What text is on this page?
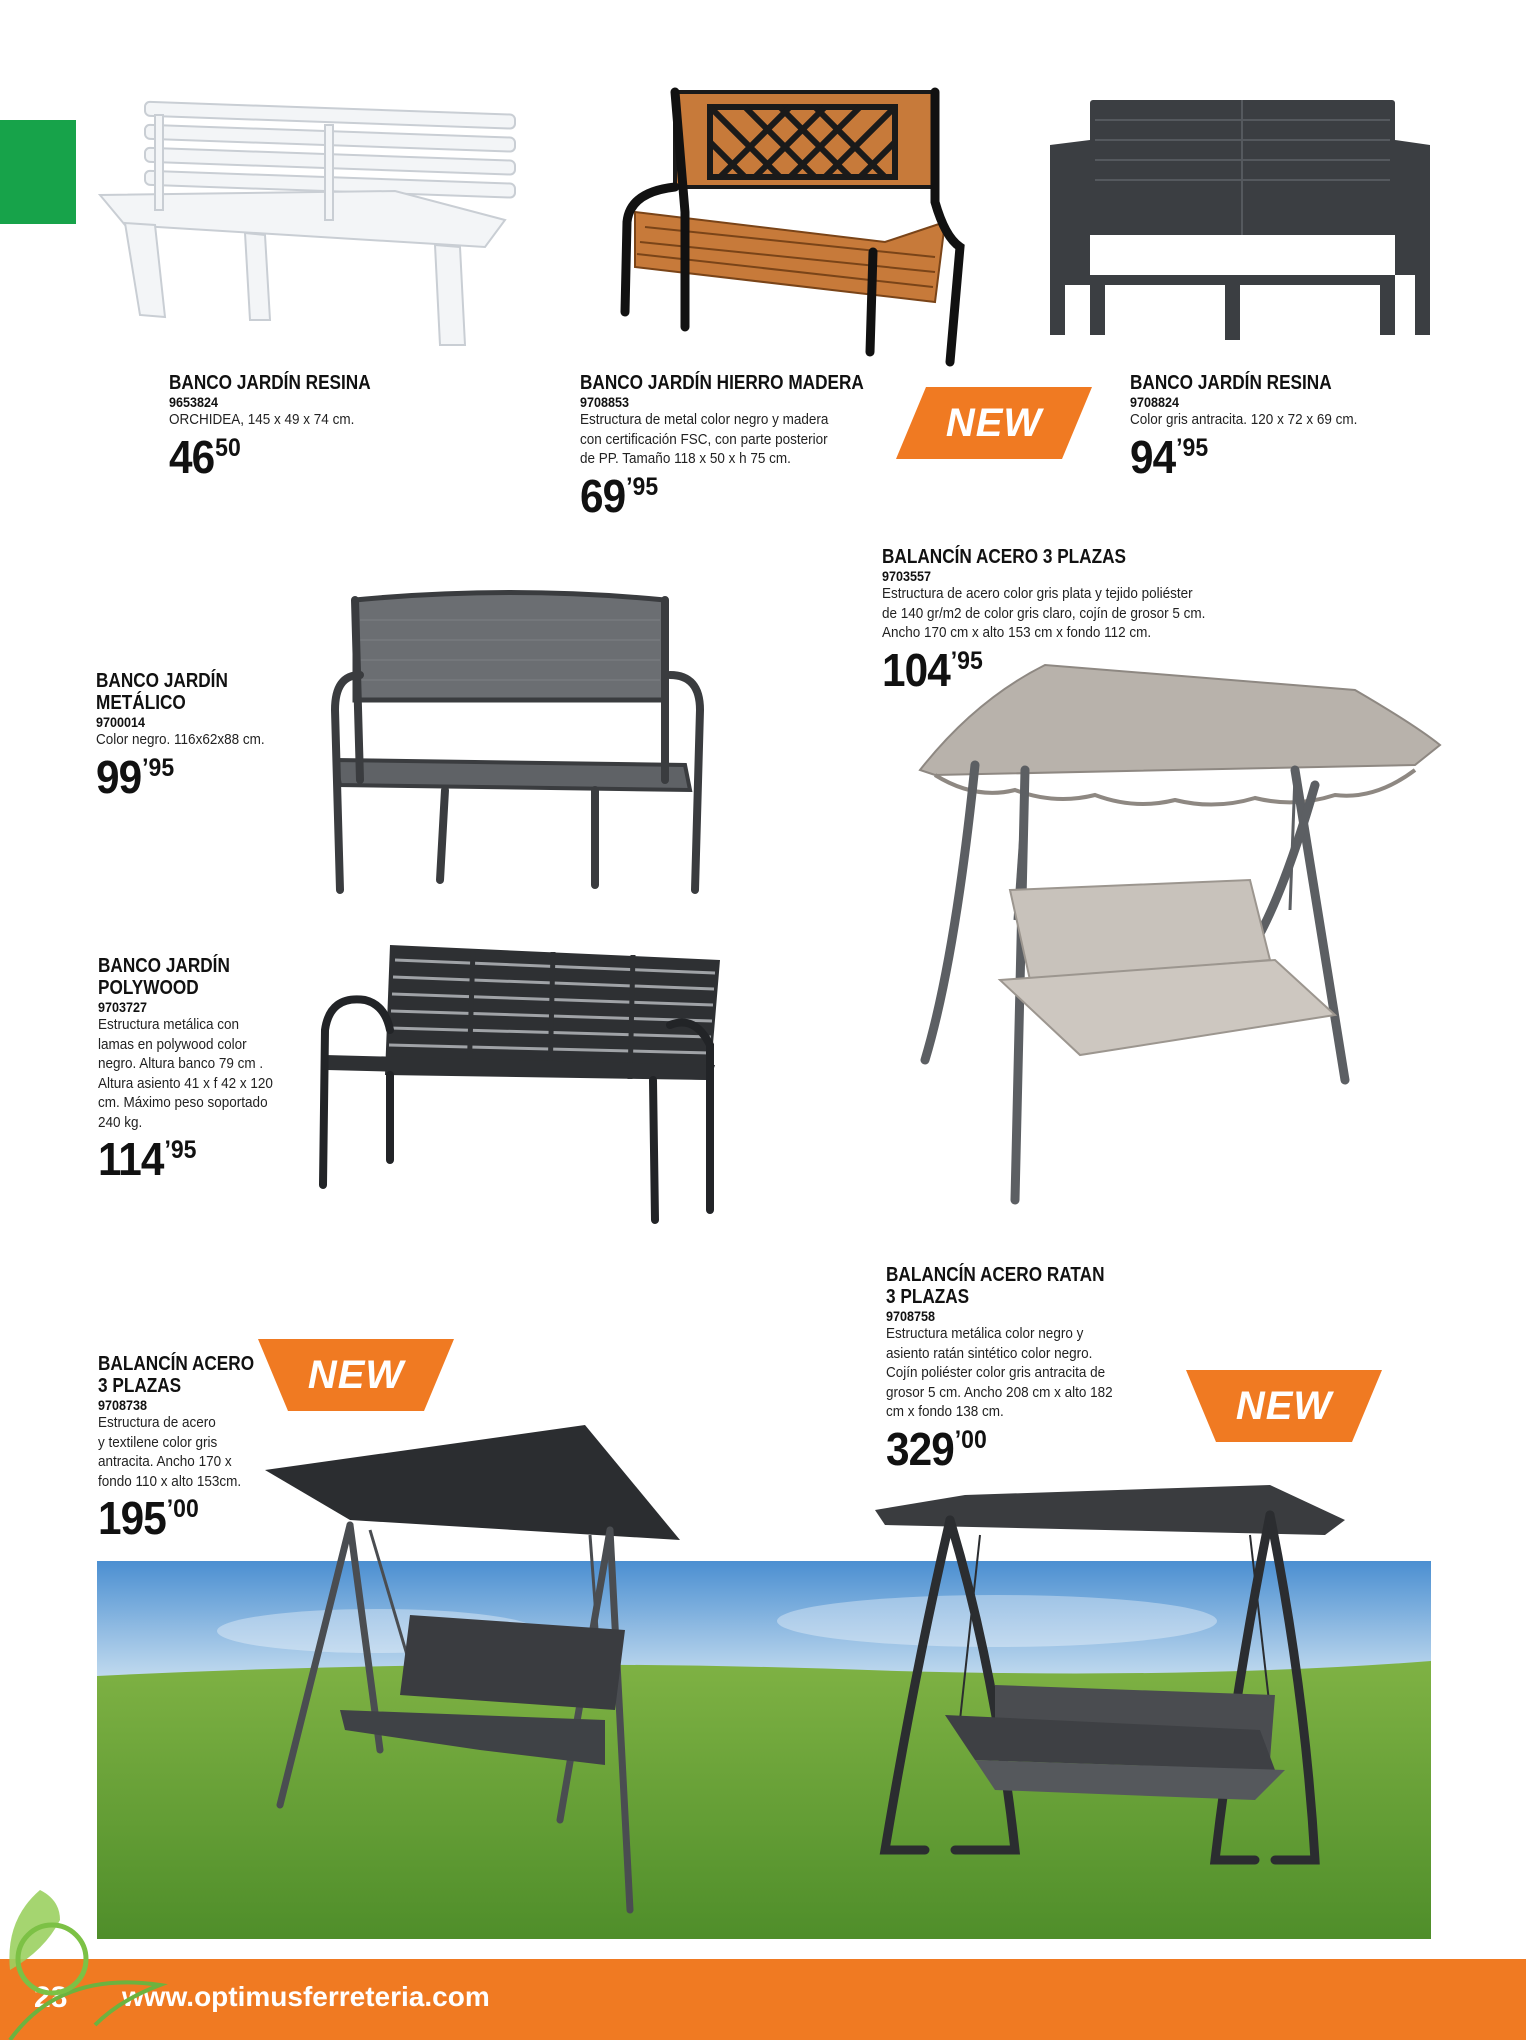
BANCO JARDÍN RESINA
9653824
ORCHIDEA, 145 x 49 x 74 cm.
46 50
BANCO JARDÍN HIERRO MADERA
9708853
Estructura de metal color negro y madera
con certificación FSC, con parte posterior
de PP. Tamaño 118 x 50 x h 75 cm.
69 ’95
BANCO JARDÍN RESINA
9708824
Color gris antracita. 120 x 72 x 69 cm.
94 ’95
BALANCÍN ACERO 3 PLAZAS
9703557
Estructura de acero color gris plata y tejido poliéster
de 140 gr/m2 de color gris claro, cojín de grosor 5 cm.
Ancho 170 cm x alto 153 cm x fondo 112 cm.
104 ’95
BANCO JARDÍN
METÁLICO
9700014
Color negro. 116x62x88 cm.
99 ’95
BANCO JARDÍN
POLYWOOD
9703727
Estructura metálica con
lamas en polywood color
negro. Altura banco 79 cm .
Altura asiento 41 x f 42 x 120
cm. Máximo peso soportado
240 kg.
114 ’95
BALANCÍN ACERO RATAN
3 PLAZAS
9708758
Estructura metálica color negro y
asiento ratán sintético color negro.
Cojín poliéster color gris antracita de
grosor 5 cm. Ancho 208 cm x alto 182
cm x fondo 138 cm.
329 ’00
BALANCÍN ACERO
3 PLAZAS
9708738
Estructura de acero
y textilene color gris
antracita. Ancho 170 x
fondo 110 x alto 153cm.
195 ’00
NEW
NEW
NEW
28 www.optimusferreteria.com
